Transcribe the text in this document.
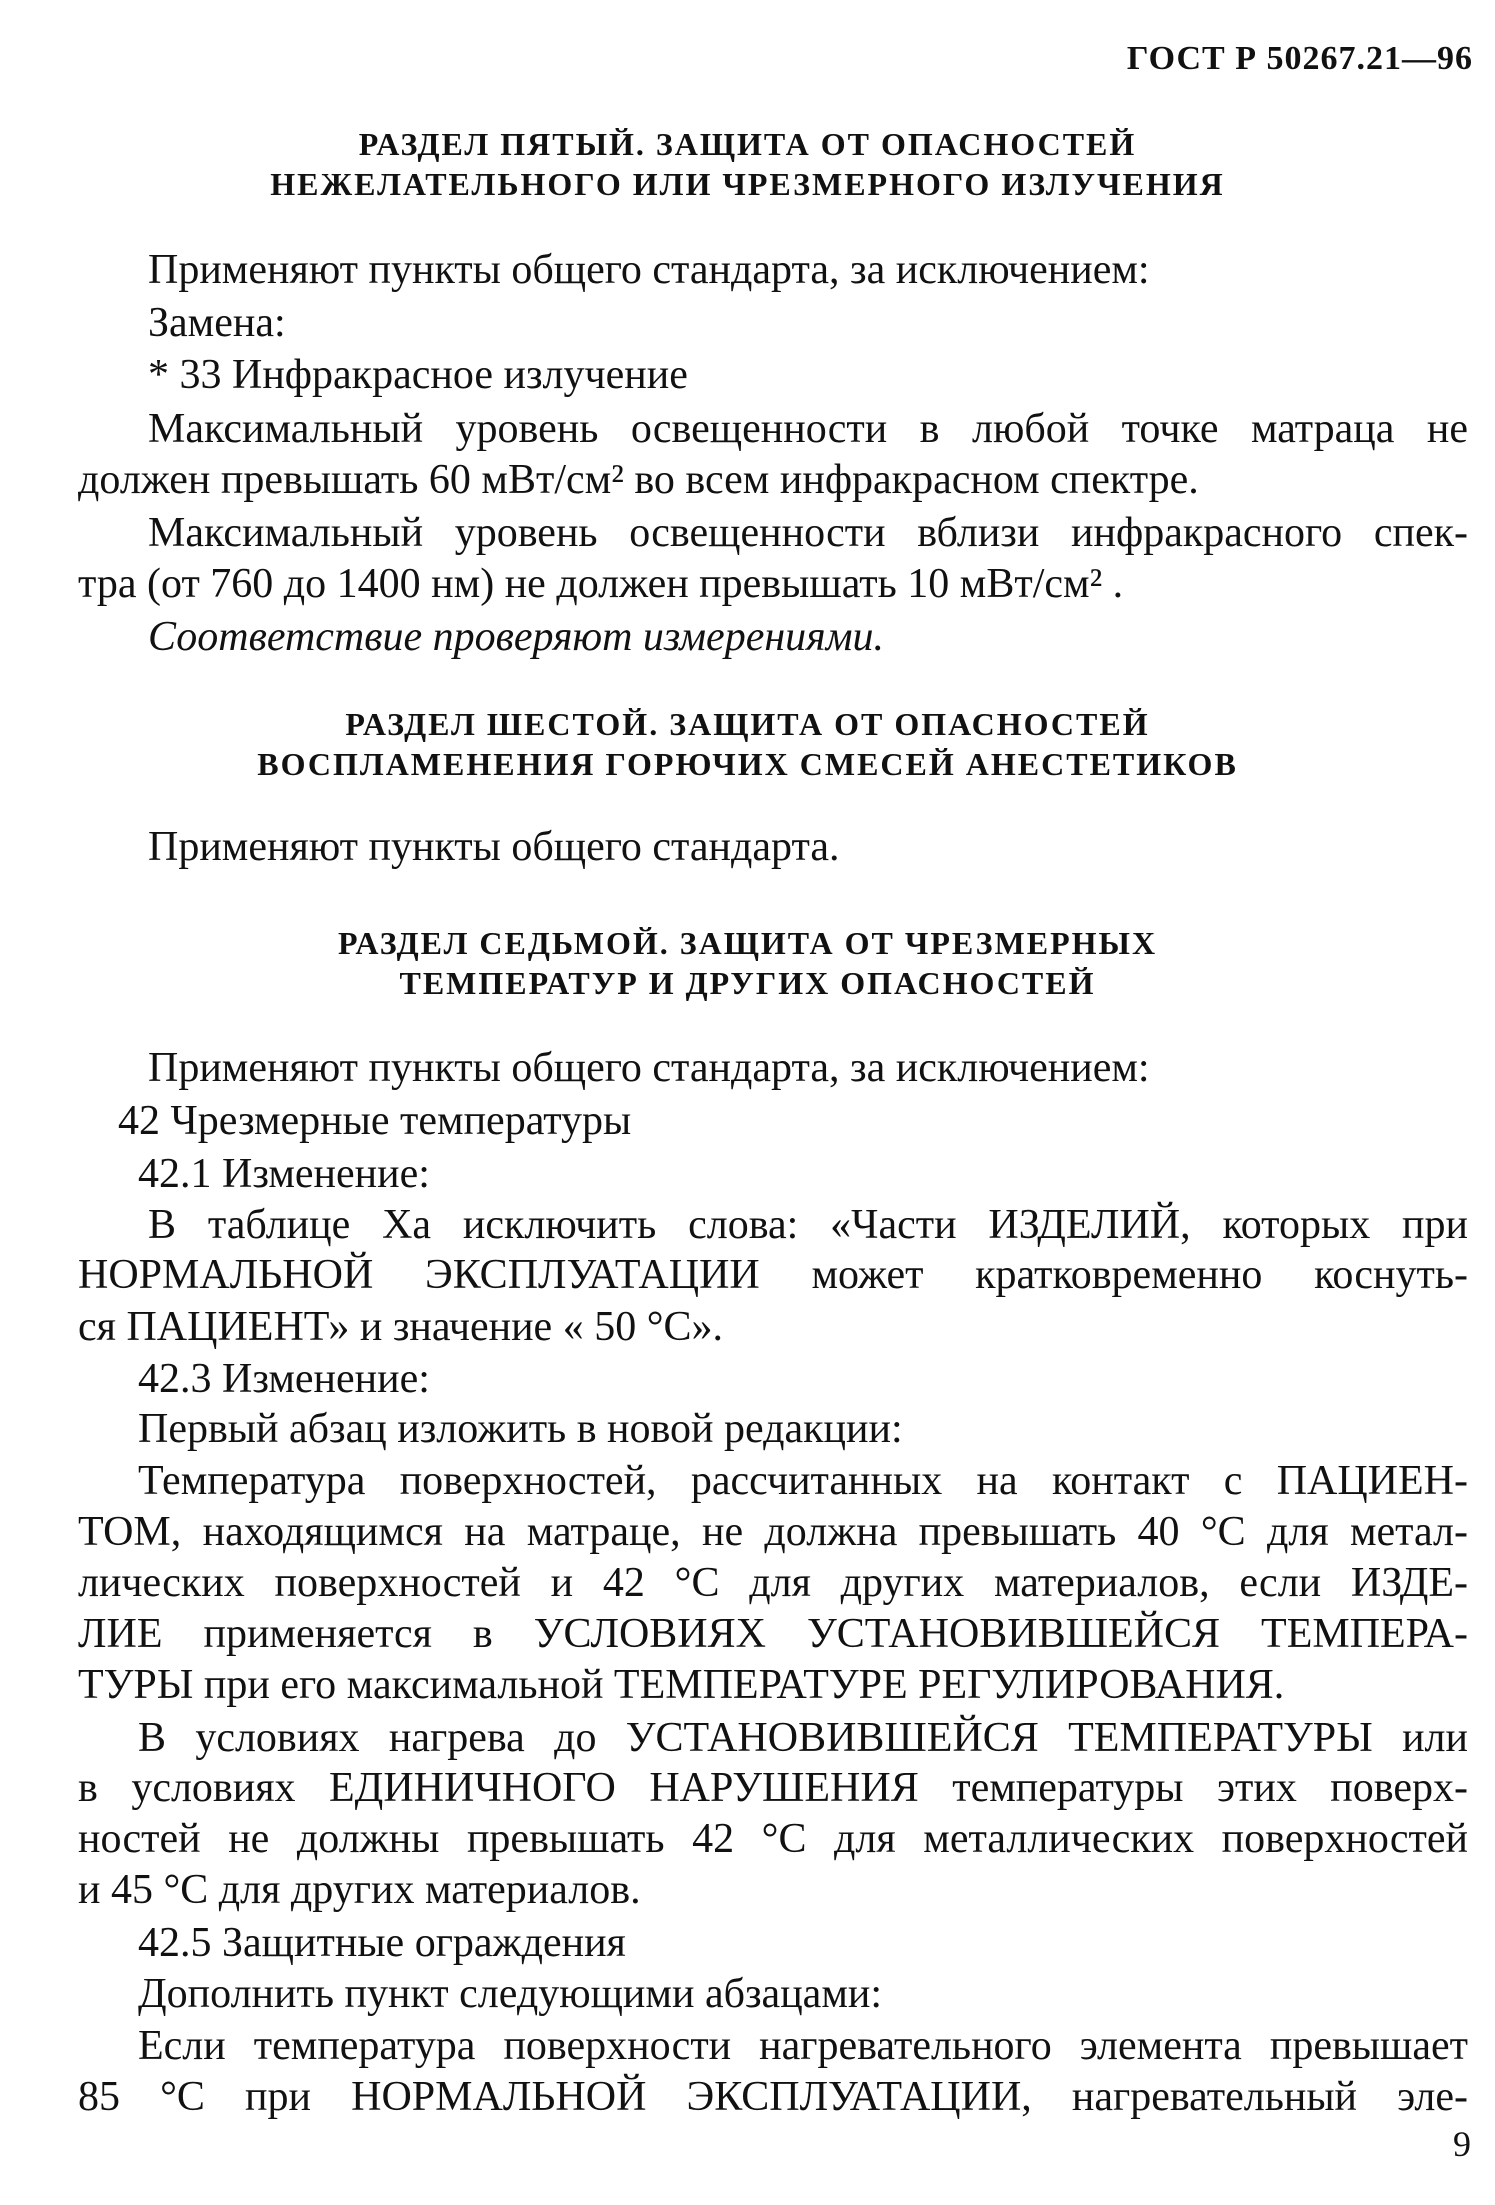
ГОСТ Р 50267.21—96
РАЗДЕЛ ПЯТЫЙ. ЗАЩИТА ОТ ОПАСНОСТЕЙ
НЕЖЕЛАТЕЛЬНОГО ИЛИ ЧРЕЗМЕРНОГО ИЗЛУЧЕНИЯ
Применяют пункты общего стандарта, за исключением:
Замена:
* 33 Инфракрасное излучение
Максимальный уровень освещенности в любой точке матраца не
должен превышать 60 мВт/см² во всем инфракрасном спектре.
Максимальный уровень освещенности вблизи инфракрасного спек-
тра (от 760 до 1400 нм) не должен превышать 10 мВт/см² .
Соответствие проверяют измерениями.
РАЗДЕЛ ШЕСТОЙ. ЗАЩИТА ОТ ОПАСНОСТЕЙ
ВОСПЛАМЕНЕНИЯ ГОРЮЧИХ СМЕСЕЙ АНЕСТЕТИКОВ
Применяют пункты общего стандарта.
РАЗДЕЛ СЕДЬМОЙ. ЗАЩИТА ОТ ЧРЕЗМЕРНЫХ
ТЕМПЕРАТУР И ДРУГИХ ОПАСНОСТЕЙ
Применяют пункты общего стандарта, за исключением:
42 Чрезмерные температуры
42.1 Изменение:
В таблице Ха исключить слова: «Части ИЗДЕЛИЙ, которых при
НОРМАЛЬНОЙ ЭКСПЛУАТАЦИИ может кратковременно коснуть-
ся ПАЦИЕНТ» и значение « 50 °С».
42.3 Изменение:
Первый абзац изложить в новой редакции:
Температура поверхностей, рассчитанных на контакт с ПАЦИЕН-
ТОМ, находящимся на матраце, не должна превышать 40 °С для метал-
лических поверхностей и 42 °С для других материалов, если ИЗДЕ-
ЛИЕ применяется в УСЛОВИЯХ УСТАНОВИВШЕЙСЯ ТЕМПЕРА-
ТУРЫ при его максимальной ТЕМПЕРАТУРЕ РЕГУЛИРОВАНИЯ.
В условиях нагрева до УСТАНОВИВШЕЙСЯ ТЕМПЕРАТУРЫ или
в условиях ЕДИНИЧНОГО НАРУШЕНИЯ температуры этих поверх-
ностей не должны превышать 42 °С для металлических поверхностей
и 45 °С для других материалов.
42.5 Защитные ограждения
Дополнить пункт следующими абзацами:
Если температура поверхности нагревательного элемента превышает
85 °С при НОРМАЛЬНОЙ ЭКСПЛУАТАЦИИ, нагревательный эле-
9
